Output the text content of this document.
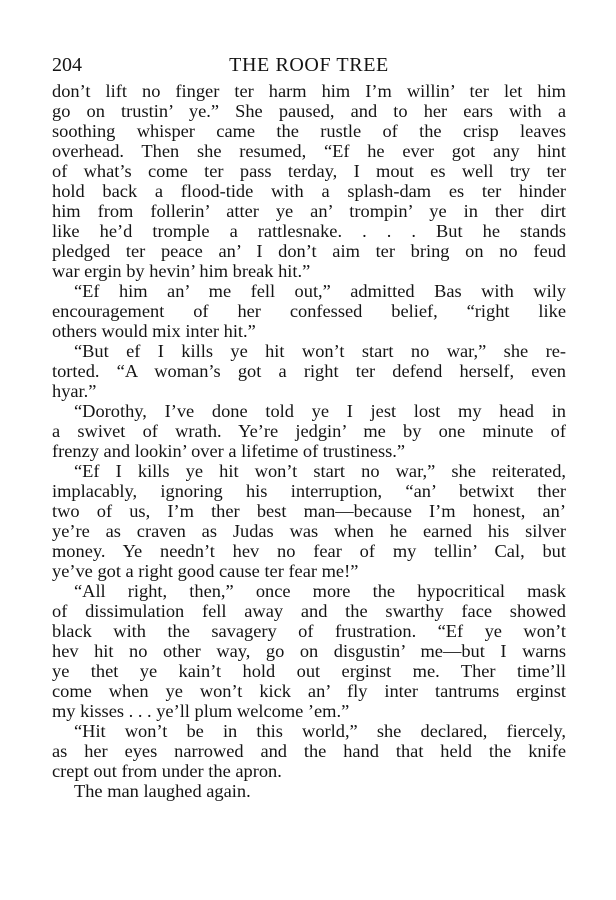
204	THE ROOF TREE
don’t lift no finger ter harm him I’m willin’ ter let him
go on trustin’ ye.” She paused, and to her ears with a
soothing whisper came the rustle of the crisp leaves
overhead. Then she resumed, “Ef he ever got any hint
of what’s come ter pass terday, I mout es well try ter
hold back a flood-tide with a splash-dam es ter hinder
him from follerin’ atter ye an’ trompin’ ye in ther dirt
like he’d tromple a rattlesnake. . . . But he stands
pledged ter peace an’ I don’t aim ter bring on no feud
war ergin by hevin’ him break hit.”
“Ef him an’ me fell out,” admitted Bas with wily
encouragement of her confessed belief, “right like
others would mix inter hit.”
“But ef I kills ye hit won’t start no war,” she re-
torted. “A woman’s got a right ter defend herself, even
hyar.”
“Dorothy, I’ve done told ye I jest lost my head in
a swivet of wrath. Ye’re jedgin’ me by one minute of
frenzy and lookin’ over a lifetime of trustiness.”
“Ef I kills ye hit won’t start no war,” she reiterated,
implacably, ignoring his interruption, “an’ betwixt ther
two of us, I’m ther best man—because I’m honest, an’
ye’re as craven as Judas was when he earned his silver
money. Ye needn’t hev no fear of my tellin’ Cal, but
ye’ve got a right good cause ter fear me!”
“All right, then,” once more the hypocritical mask
of dissimulation fell away and the swarthy face showed
black with the savagery of frustration. “Ef ye won’t
hev hit no other way, go on disgustin’ me—but I warns
ye thet ye kain’t hold out erginst me. Ther time’ll
come when ye won’t kick an’ fly inter tantrums erginst
my kisses . . . ye’ll plum welcome ’em.”
“Hit won’t be in this world,” she declared, fiercely,
as her eyes narrowed and the hand that held the knife
crept out from under the apron.
The man laughed again.
